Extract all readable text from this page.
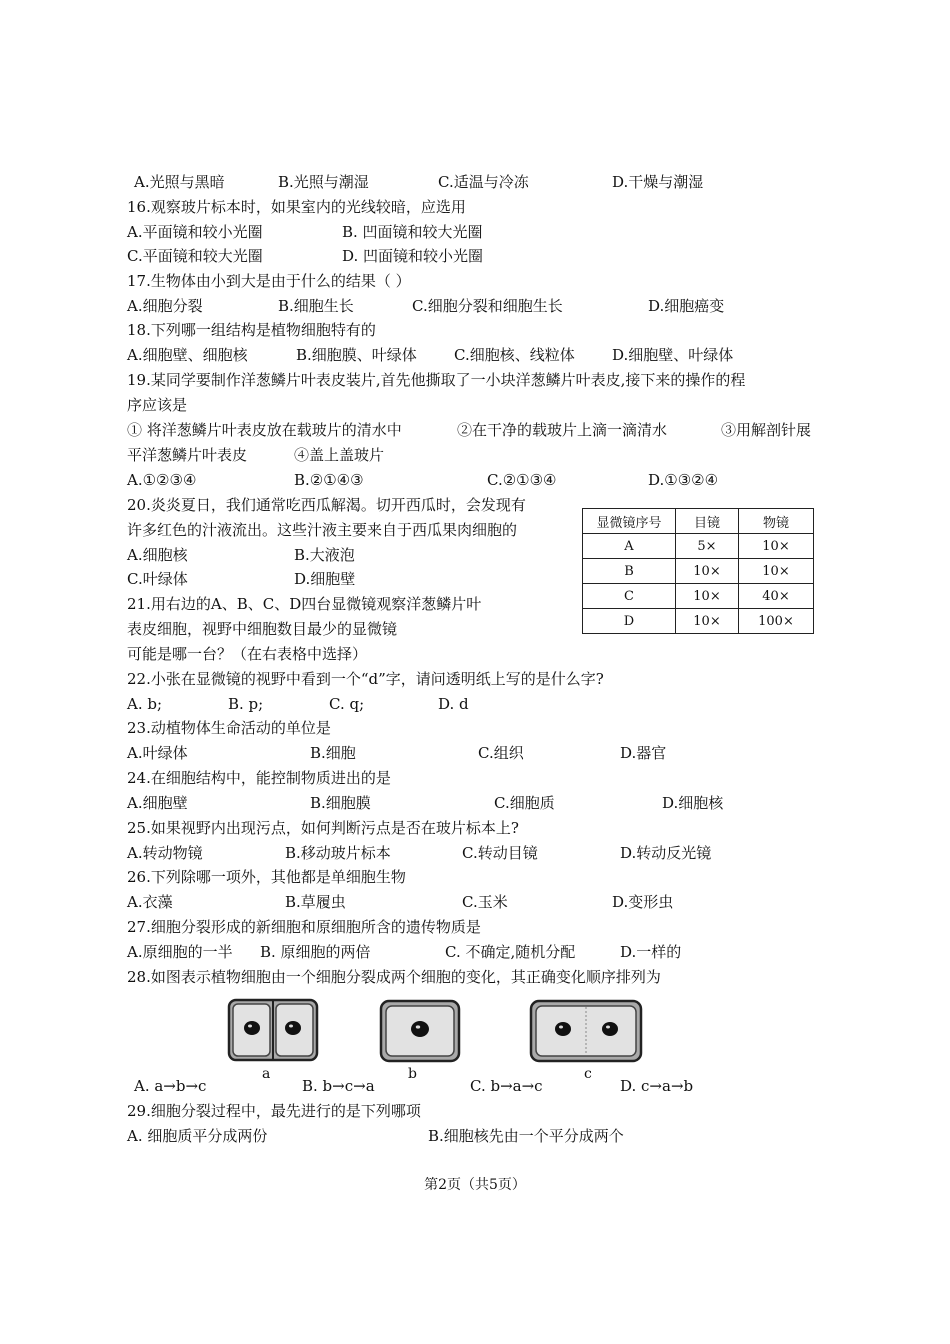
A.光照与黑暗	B.光照与潮湿	C.适温与冷冻	D.干燥与潮湿
16.观察玻片标本时，如果室内的光线较暗，应选用
A.平面镜和较小光圈	B. 凹面镜和较大光圈
C.平面镜和较大光圈	D. 凹面镜和较小光圈
17.生物体由小到大是由于什么的结果（ ）
A.细胞分裂	B.细胞生长	C.细胞分裂和细胞生长	D.细胞癌变
18.下列哪一组结构是植物细胞特有的
A.细胞壁、细胞核	B.细胞膜、叶绿体 C.细胞核、线粒体 D.细胞壁、叶绿体
19.某同学要制作洋葱鳞片叶表皮装片,首先他撕取了一小块洋葱鳞片叶表皮,接下来的操作的程
序应该是
① 将洋葱鳞片叶表皮放在载玻片的清水中	②在干净的载玻片上滴一滴清水	③用解剖针展
平洋葱鳞片叶表皮	④盖上盖玻片
A.①②③④	B.②①④③	C.②①③④	D.①③②④
20.炎炎夏日，我们通常吃西瓜解渴。切开西瓜时，会发现有
许多红色的汁液流出。这些汁液主要来自于西瓜果肉细胞的
A.细胞核	B.大液泡
C.叶绿体	D.细胞壁
显微镜序号	目镜	物镜
A	5×	10×
B	10×	10×
C	10×	40×
D	10×	100×
21.用右边的A、B、C、D四台显微镜观察洋葱鳞片叶
表皮细胞，视野中细胞数目最少的显微镜
可能是哪一台？（在右表格中选择）
22.小张在显微镜的视野中看到一个“d”字，请问透明纸上写的是什么字?
A. b;	B. p;	C. q;	D. d
23.动植物体生命活动的单位是
A.叶绿体	B.细胞	C.组织	D.器官
24.在细胞结构中，能控制物质进出的是
A.细胞壁	B.细胞膜	C.细胞质	D.细胞核
25.如果视野内出现污点，如何判断污点是否在玻片标本上?
A.转动物镜	B.移动玻片标本	C.转动目镜	D.转动反光镜
26.下列除哪一项外，其他都是单细胞生物
A.衣藻	B.草履虫	C.玉米	D.变形虫
27.细胞分裂形成的新细胞和原细胞所含的遗传物质是
A.原细胞的一半 B. 原细胞的两倍	C. 不确定,随机分配	D.一样的
28.如图表示植物细胞由一个细胞分裂成两个细胞的变化，其正确变化顺序排列为
a	b	c
A. a→b→c	B. b→c→a	C. b→a→c	D. c→a→b
29.细胞分裂过程中，最先进行的是下列哪项
A. 细胞质平分成两份	B.细胞核先由一个平分成两个
第2页（共5页）
